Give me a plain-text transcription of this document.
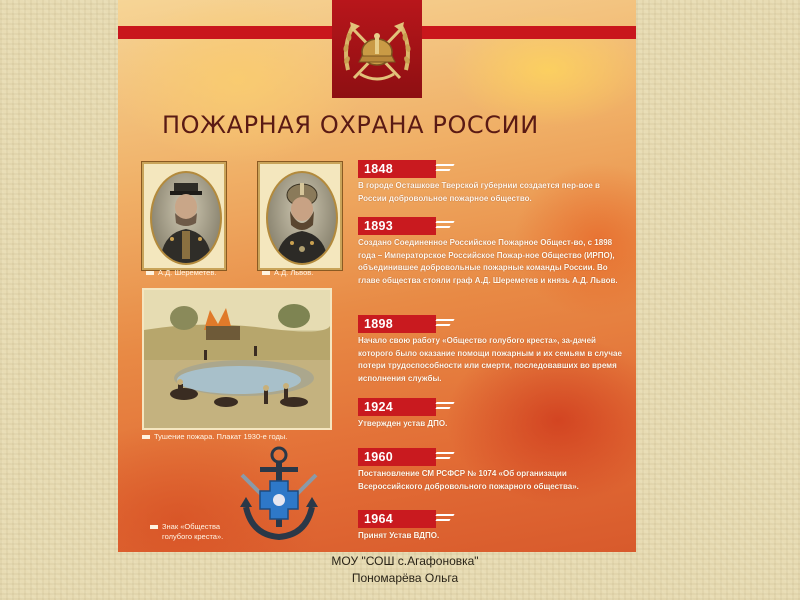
ПОЖАРНАЯ ОХРАНА РОССИИ
А.Д. Шереметев.	А.Д. Львов.
Тушение пожара. Плакат 1930-е годы.
Знак «Общества
голубого креста».
1848
В городе Осташкове Тверской губернии создается пер-вое в России добровольное пожарное общество.
1893
Создано Соединенное Российское Пожарное Общест-во, с 1898 года – Императорское Российское Пожар-ное Общество (ИРПО), объединившее добровольные пожарные команды России. Во главе общества стояли граф А.Д. Шереметев и князь А.Д. Львов.
1898
Начало свою работу «Общество голубого креста», за-дачей которого было оказание помощи пожарным и их семьям в случае потери трудоспособности или смерти, последовавших во время исполнения службы.
1924
Утвержден устав ДПО.
1960
Постановление СМ РСФСР № 1074 «Об организации Всероссийского добровольного пожарного общества».
1964
Принят Устав ВДПО.
МОУ "СОШ с.Агафоновка"
Пономарёва Ольга
